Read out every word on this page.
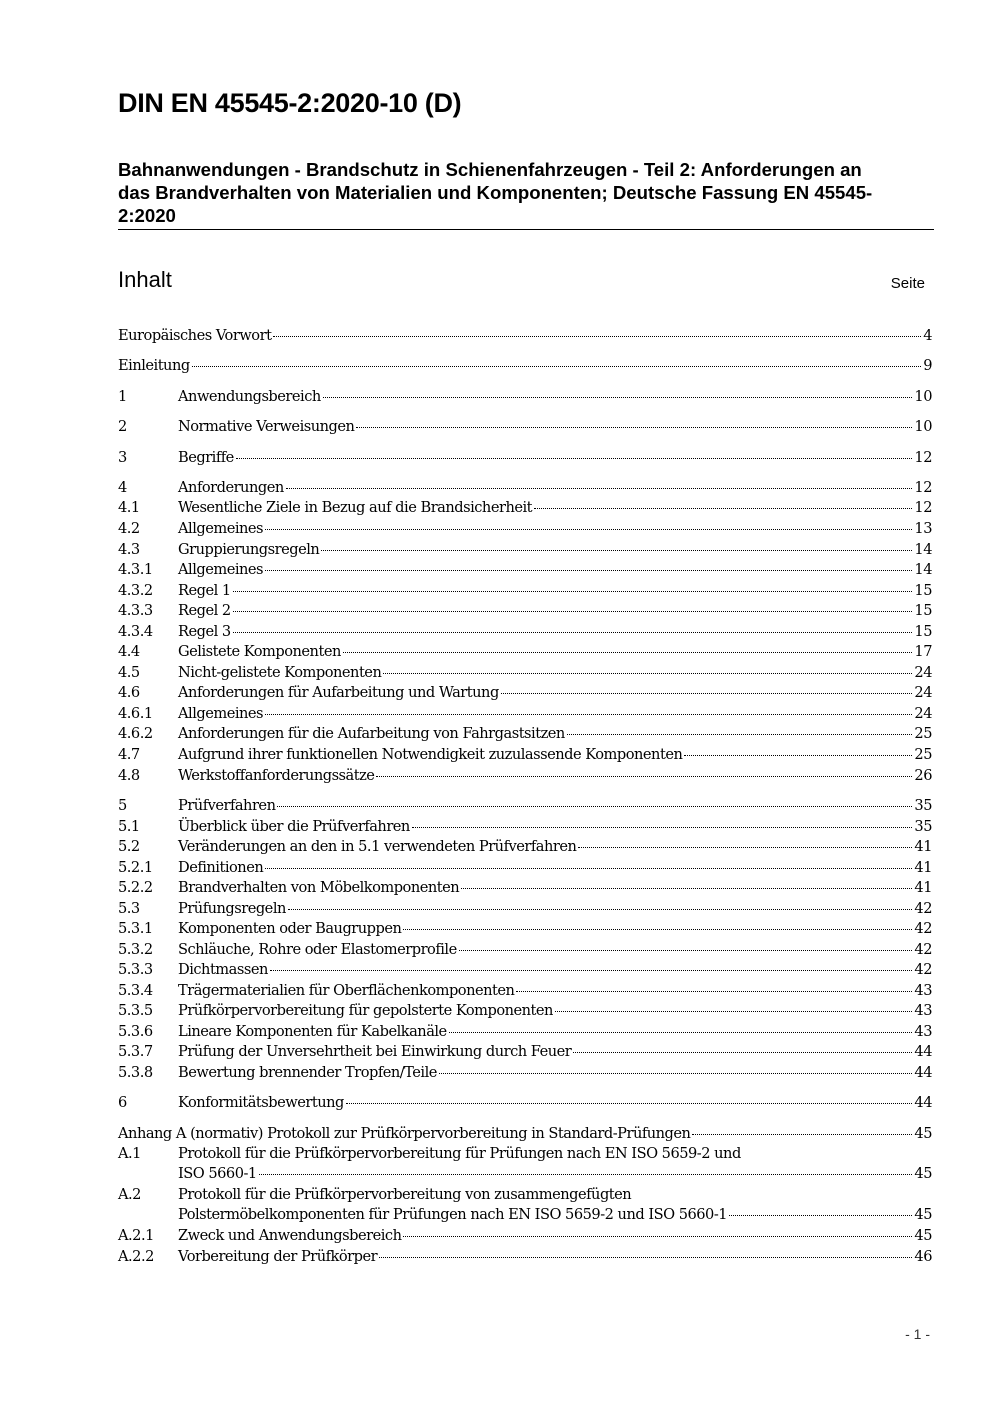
DIN EN 45545-2:2020-10 (D)
Bahnanwendungen - Brandschutz in Schienenfahrzeugen - Teil 2: Anforderungen an
das Brandverhalten von Materialien und Komponenten; Deutsche Fassung EN 45545-
2:2020
Inhalt	Seite
Europäisches Vorwort	4
Einleitung	9
1	Anwendungsbereich	10
2	Normative Verweisungen	10
3	Begriffe	12
4	Anforderungen	12
4.1	Wesentliche Ziele in Bezug auf die Brandsicherheit	12
4.2	Allgemeines	13
4.3	Gruppierungsregeln	14
4.3.1	Allgemeines	14
4.3.2	Regel 1	15
4.3.3	Regel 2	15
4.3.4	Regel 3	15
4.4	Gelistete Komponenten	17
4.5	Nicht-gelistete Komponenten	24
4.6	Anforderungen für Aufarbeitung und Wartung	24
4.6.1	Allgemeines	24
4.6.2	Anforderungen für die Aufarbeitung von Fahrgastsitzen	25
4.7	Aufgrund ihrer funktionellen Notwendigkeit zuzulassende Komponenten	25
4.8	Werkstoffanforderungssätze	26
5	Prüfverfahren	35
5.1	Überblick über die Prüfverfahren	35
5.2	Veränderungen an den in 5.1 verwendeten Prüfverfahren	41
5.2.1	Definitionen	41
5.2.2	Brandverhalten von Möbelkomponenten	41
5.3	Prüfungsregeln	42
5.3.1	Komponenten oder Baugruppen	42
5.3.2	Schläuche, Rohre oder Elastomerprofile	42
5.3.3	Dichtmassen	42
5.3.4	Trägermaterialien für Oberflächenkomponenten	43
5.3.5	Prüfkörpervorbereitung für gepolsterte Komponenten	43
5.3.6	Lineare Komponenten für Kabelkanäle	43
5.3.7	Prüfung der Unversehrtheit bei Einwirkung durch Feuer	44
5.3.8	Bewertung brennender Tropfen/Teile	44
6	Konformitätsbewertung	44
Anhang A (normativ) Protokoll zur Prüfkörpervorbereitung in Standard-Prüfungen	45
A.1	Protokoll für die Prüfkörpervorbereitung für Prüfungen nach EN ISO 5659-2 und
ISO 5660-1	45
A.2	Protokoll für die Prüfkörpervorbereitung von zusammengefügten
Polstermöbelkomponenten für Prüfungen nach EN ISO 5659-2 und ISO 5660-1	45
A.2.1	Zweck und Anwendungsbereich	45
A.2.2	Vorbereitung der Prüfkörper	46
- 1 -
